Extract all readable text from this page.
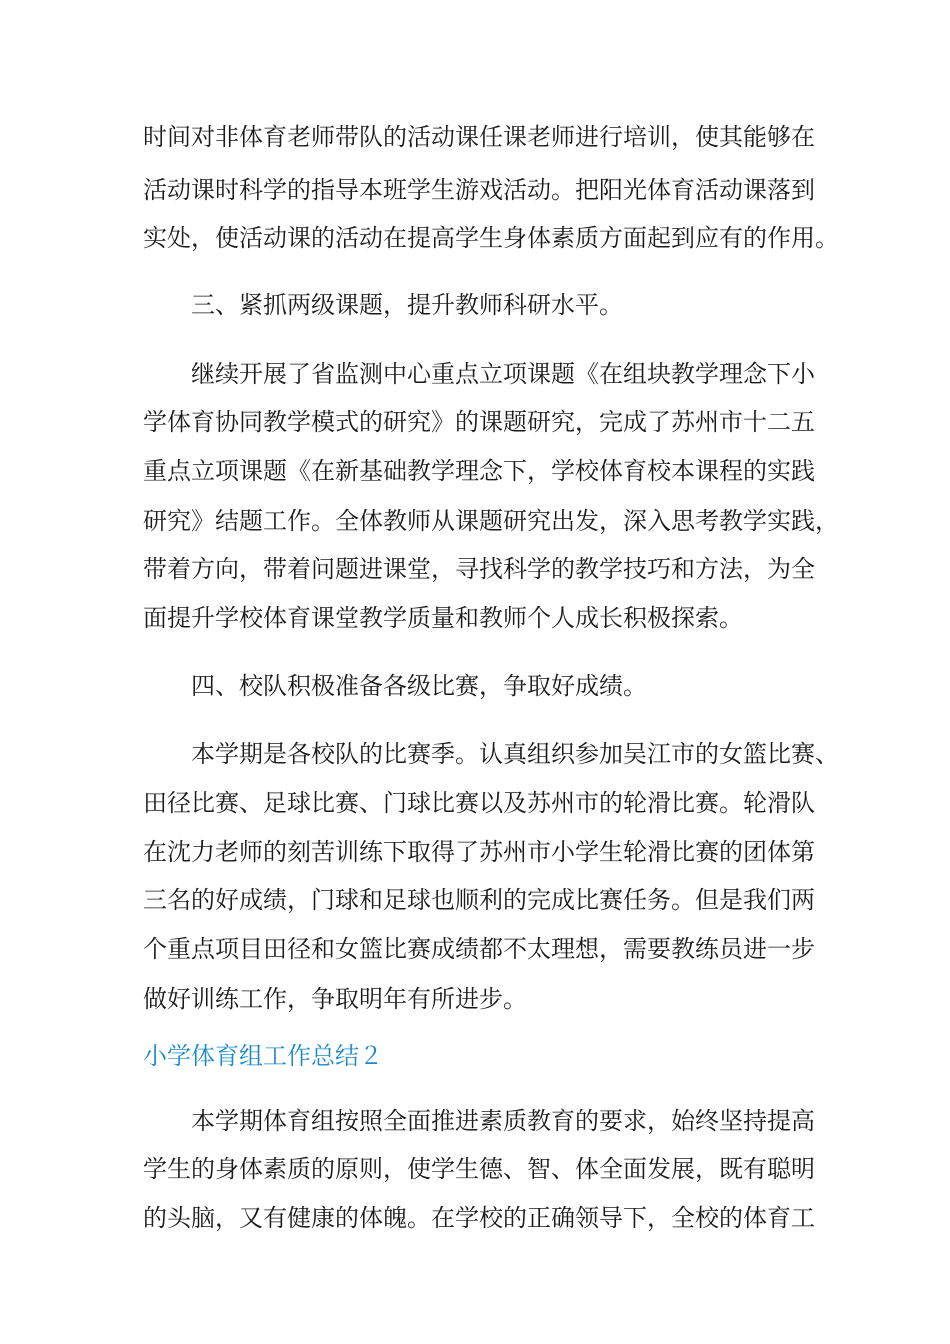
时间对非体育老师带队的活动课任课老师进行培训，使其能够在

活动课时科学的指导本班学生游戏活动。把阳光体育活动课落到

实处，使活动课的活动在提高学生身体素质方面起到应有的作用。

三、紧抓两级课题，提升教师科研水平。

继续开展了省监测中心重点立项课题《在组块教学理念下小

学体育协同教学模式的研究》的课题研究，完成了苏州市十二五

重点立项课题《在新基础教学理念下，学校体育校本课程的实践

研究》结题工作。全体教师从课题研究出发，深入思考教学实践，

带着方向，带着问题进课堂，寻找科学的教学技巧和方法，为全

面提升学校体育课堂教学质量和教师个人成长积极探索。

四、校队积极准备各级比赛，争取好成绩。

本学期是各校队的比赛季。认真组织参加吴江市的女篮比赛、

田径比赛、足球比赛、门球比赛以及苏州市的轮滑比赛。轮滑队

在沈力老师的刻苦训练下取得了苏州市小学生轮滑比赛的团体第

三名的好成绩，门球和足球也顺利的完成比赛任务。但是我们两

个重点项目田径和女篮比赛成绩都不太理想，需要教练员进一步

做好训练工作，争取明年有所进步。

小学体育组工作总结２

本学期体育组按照全面推进素质教育的要求，始终坚持提高

学生的身体素质的原则，使学生德、智、体全面发展，既有聪明

的头脑，又有健康的体魄。在学校的正确领导下，全校的体育工
